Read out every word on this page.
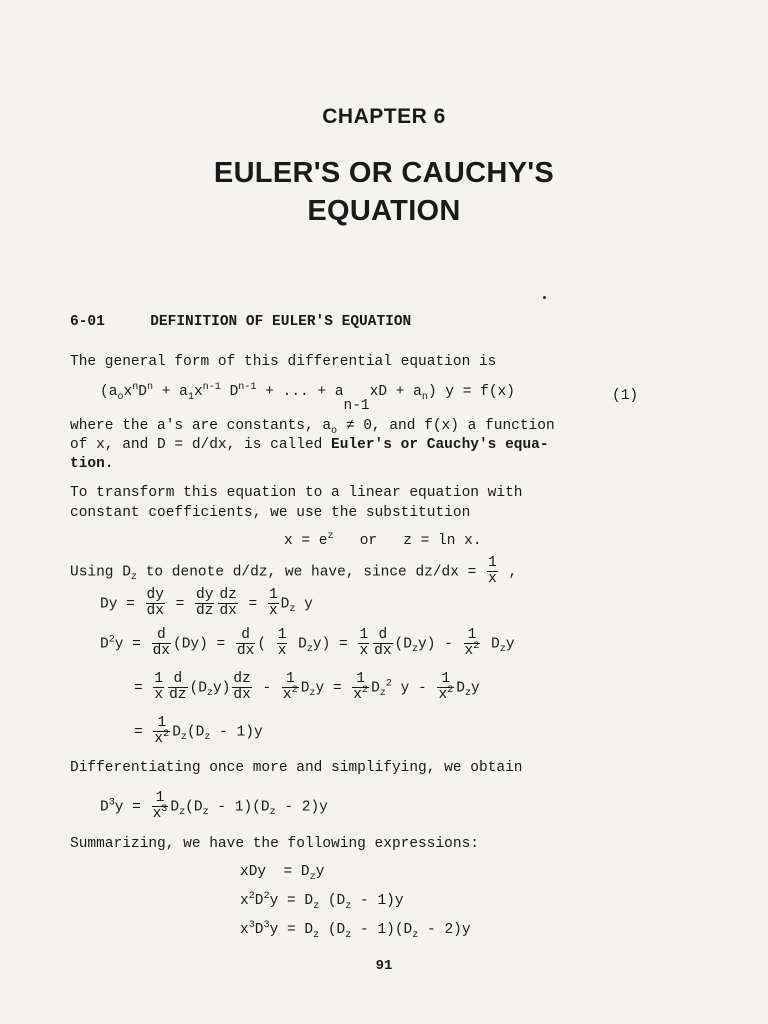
CHAPTER 6
EULER'S OR CAUCHY'S
EQUATION
6-01	DEFINITION OF EULER'S EQUATION
The general form of this differential equation is
($a_ox^nD^n + a_1x^{n-1}$ $D^{n-1}$ + ... + $a_{n-1}xD + a_n$) y = f(x)	(1)
where the a's are constants, $a_o \ne 0$, and f(x) a function
of x, and D = d/dx, is called Euler's or Cauchy's equa-
tion.
To transform this equation to a linear equation with
constant coefficients, we use the substitution
$x = e^z$   or   z = ln x.
Using $D_z$ to denote d/dz, we have, since $dz/dx = \frac{1}{x}$ ,
$Dy = \frac{dy}{dx} = \frac{dy}{dz} \frac{dz}{dx} = \frac{1}{x} D_z$ y
$D^2y = \frac{d}{dx} (Dy) = \frac{d}{dx}$ ( $\frac{1}{x} D_zy) = \frac{1}{x} \frac{d}{dx} (D_zy) - \frac{1}{x^2} D_zy$
= $\frac{1}{x} \frac{d}{dz} (D_zy) \frac{dz}{dx} - \frac{1}{x^2} D_zy = \frac{1}{x^2} D_z^2$ y - $\frac{1}{x^2} D_zy$
= $\frac{1}{x^2} D_z(D_z - 1)y$
Differentiating once more and simplifying, we obtain
$D^3y = \frac{1}{x^3} D_z(D_z - 1)(D_z - 2)y$
Summarizing, we have the following expressions:
xDy  = $D_zy$
$x^2D^2y = D_z$ $(D_z - 1)y$
$x^3D^3y = D_z$ $(D_z - 1)(D_z - 2)y$
91
